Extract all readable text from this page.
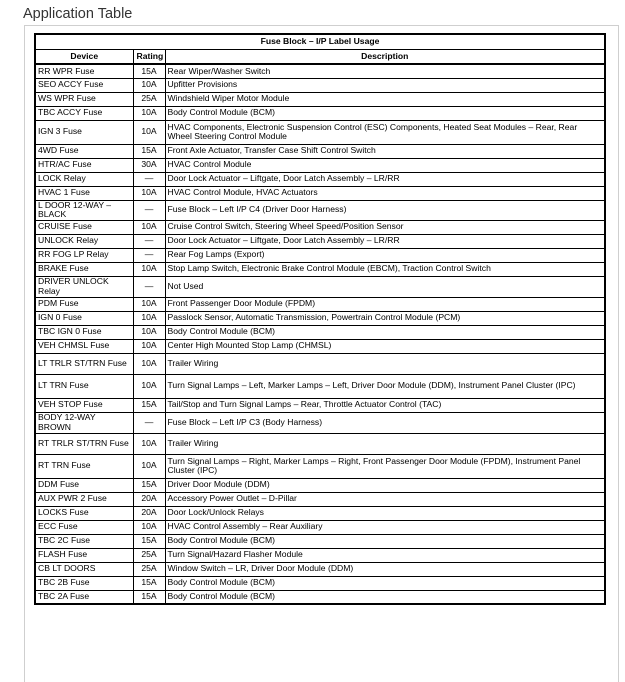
Application Table
Fuse Block – I/P Label Usage		
Device	Rating	Description
RR WPR Fuse	15A	Rear Wiper/Washer Switch
SEO ACCY Fuse	10A	Upfitter Provisions
WS WPR Fuse	25A	Windshield Wiper Motor Module
TBC ACCY Fuse	10A	Body Control Module (BCM)
IGN 3 Fuse	10A	HVAC Components, Electronic Suspension Control (ESC) Components, Heated Seat Modules – Rear, Rear Wheel Steering Control Module
4WD Fuse	15A	Front Axle Actuator, Transfer Case Shift Control Switch
HTR/AC Fuse	30A	HVAC Control Module
LOCK Relay	—	Door Lock Actuator – Liftgate, Door Latch Assembly – LR/RR
HVAC 1 Fuse	10A	HVAC Control Module, HVAC Actuators
L DOOR 12-WAY – BLACK	—	Fuse Block – Left I/P C4 (Driver Door Harness)
CRUISE Fuse	10A	Cruise Control Switch, Steering Wheel Speed/Position Sensor
UNLOCK Relay	—	Door Lock Actuator – Liftgate, Door Latch Assembly – LR/RR
RR FOG LP Relay	—	Rear Fog Lamps (Export)
BRAKE Fuse	10A	Stop Lamp Switch, Electronic Brake Control Module (EBCM), Traction Control Switch
DRIVER UNLOCK Relay	—	Not Used
PDM Fuse	10A	Front Passenger Door Module (FPDM)
IGN 0 Fuse	10A	Passlock Sensor, Automatic Transmission, Powertrain Control Module (PCM)
TBC IGN 0 Fuse	10A	Body Control Module (BCM)
VEH CHMSL Fuse	10A	Center High Mounted Stop Lamp (CHMSL)
LT TRLR ST/TRN Fuse	10A	Trailer Wiring
LT TRN Fuse	10A	Turn Signal Lamps – Left, Marker Lamps – Left, Driver Door Module (DDM), Instrument Panel Cluster (IPC)
VEH STOP Fuse	15A	Tail/Stop and Turn Signal Lamps – Rear, Throttle Actuator Control (TAC)
BODY 12-WAY BROWN	—	Fuse Block – Left I/P C3 (Body Harness)
RT TRLR ST/TRN Fuse	10A	Trailer Wiring
RT TRN Fuse	10A	Turn Signal Lamps – Right, Marker Lamps – Right, Front Passenger Door Module (FPDM), Instrument Panel Cluster (IPC)
DDM Fuse	15A	Driver Door Module (DDM)
AUX PWR 2 Fuse	20A	Accessory Power Outlet – D-Pillar
LOCKS Fuse	20A	Door Lock/Unlock Relays
ECC Fuse	10A	HVAC Control Assembly – Rear Auxiliary
TBC 2C Fuse	15A	Body Control Module (BCM)
FLASH Fuse	25A	Turn Signal/Hazard Flasher Module
CB LT DOORS	25A	Window Switch – LR, Driver Door Module (DDM)
TBC 2B Fuse	15A	Body Control Module (BCM)
TBC 2A Fuse	15A	Body Control Module (BCM)
